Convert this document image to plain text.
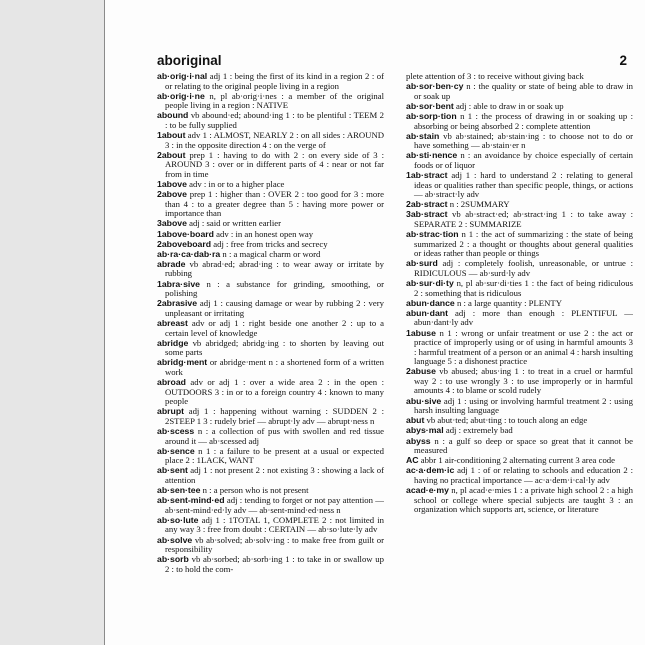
aboriginal	2
ab·orig·i·nal adj 1 : being the first of its kind in a region 2 : of or relating to the original people living in a region
ab·orig·i·ne n, pl ab·orig·i·nes : a member of the original people living in a region : NATIVE
abound vb abound·ed; abound·ing 1 : to be plentiful : TEEM 2 : to be fully supplied
1about adv 1 : ALMOST, NEARLY 2 : on all sides : AROUND 3 : in the opposite direction 4 : on the verge of
2about prep 1 : having to do with 2 : on every side of 3 : AROUND 3 : over or in different parts of 4 : near or not far from in time
1above adv : in or to a higher place
2above prep 1 : higher than : OVER 2 : too good for 3 : more than 4 : to a greater degree than 5 : having more power or importance than
3above adj : said or written earlier
1above·board adv : in an honest open way
2aboveboard adj : free from tricks and secrecy
ab·ra·ca·dab·ra n : a magical charm or word
abrade vb abrad·ed; abrad·ing : to wear away or irritate by rubbing
1abra·sive n : a substance for grinding, smoothing, or polishing
2abrasive adj 1 : causing damage or wear by rubbing 2 : very unpleasant or irritating
abreast adv or adj 1 : right beside one another 2 : up to a certain level of knowledge
abridge vb abridged; abridg·ing : to shorten by leaving out some parts
abridg·ment or abridge·ment n : a shortened form of a written work
abroad adv or adj 1 : over a wide area 2 : in the open : OUTDOORS 3 : in or to a foreign country 4 : known to many people
abrupt adj 1 : happening without warning : SUDDEN 2 : 2STEEP 1 3 : rudely brief — abrupt·ly adv — abrupt·ness n
ab·scess n : a collection of pus with swollen and red tissue around it — ab·scessed adj
ab·sence n 1 : a failure to be present at a usual or expected place 2 : 1LACK, WANT
ab·sent adj 1 : not present 2 : not existing 3 : showing a lack of attention
ab·sen·tee n : a person who is not present
ab·sent-mind·ed adj : tending to forget or not pay attention — ab·sent-mind·ed·ly adv — ab·sent-mind·ed·ness n
ab·so·lute adj 1 : 1TOTAL 1, COMPLETE 2 : not limited in any way 3 : free from doubt : CERTAIN — ab·so·lute·ly adv
ab·solve vb ab·solved; ab·solv·ing : to make free from guilt or responsibility
ab·sorb vb ab·sorbed; ab·sorb·ing 1 : to take in or swallow up 2 : to hold the com-
plete attention of 3 : to receive without giving back
ab·sor·ben·cy n : the quality or state of being able to draw in or soak up
ab·sor·bent adj : able to draw in or soak up
ab·sorp·tion n 1 : the process of drawing in or soaking up : absorbing or being absorbed 2 : complete attention
ab·stain vb ab·stained; ab·stain·ing : to choose not to do or have something — ab·stain·er n
ab·sti·nence n : an avoidance by choice especially of certain foods or of liquor
1ab·stract adj 1 : hard to understand 2 : relating to general ideas or qualities rather than specific people, things, or actions — ab·stract·ly adv
2ab·stract n : 2SUMMARY
3ab·stract vb ab·stract·ed; ab·stract·ing 1 : to take away : SEPARATE 2 : SUMMARIZE
ab·strac·tion n 1 : the act of summarizing : the state of being summarized 2 : a thought or thoughts about general qualities or ideas rather than people or things
ab·surd adj : completely foolish, unreasonable, or untrue : RIDICULOUS — ab·surd·ly adv
ab·sur·di·ty n, pl ab·sur·di·ties 1 : the fact of being ridiculous 2 : something that is ridiculous
abun·dance n : a large quantity : PLENTY
abun·dant adj : more than enough : PLENTIFUL — abun·dant·ly adv
1abuse n 1 : wrong or unfair treatment or use 2 : the act or practice of improperly using or of using in harmful amounts 3 : harmful treatment of a person or an animal 4 : harsh insulting language 5 : a dishonest practice
2abuse vb abused; abus·ing 1 : to treat in a cruel or harmful way 2 : to use wrongly 3 : to use improperly or in harmful amounts 4 : to blame or scold rudely
abu·sive adj 1 : using or involving harmful treatment 2 : using harsh insulting language
abut vb abut·ted; abut·ting : to touch along an edge
abys·mal adj : extremely bad
abyss n : a gulf so deep or space so great that it cannot be measured
AC abbr 1 air-conditioning 2 alternating current 3 area code
ac·a·dem·ic adj 1 : of or relating to schools and education 2 : having no practical importance — ac·a·dem·i·cal·ly adv
acad·e·my n, pl acad·e·mies 1 : a private high school 2 : a high school or college where special subjects are taught 3 : an organization which supports art, science, or literature
